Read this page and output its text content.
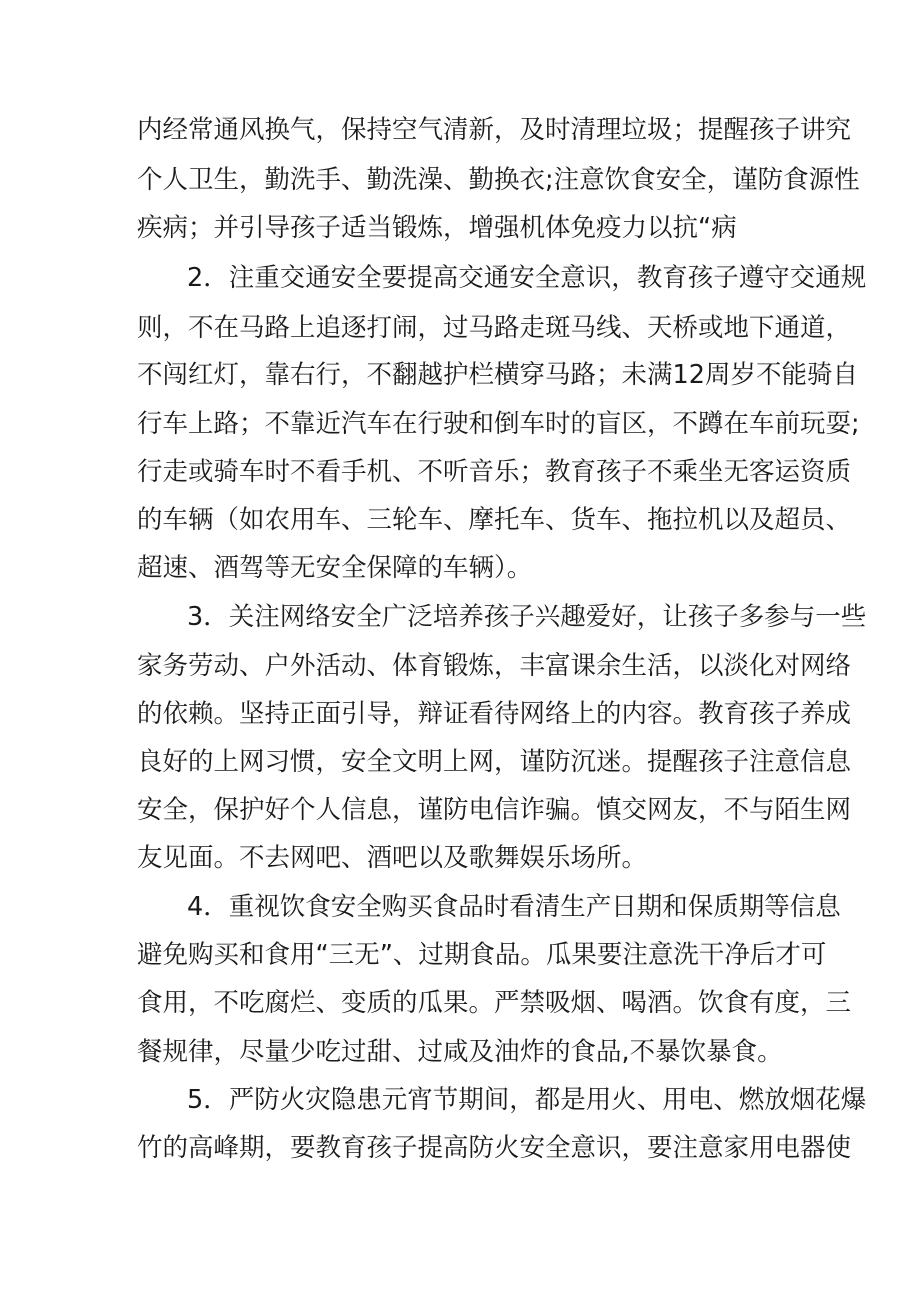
内经常通风换气，保持空气清新，及时清理垃圾；提醒孩子讲究
个人卫生，勤洗手、勤洗澡、勤换衣;注意饮食安全，谨防食源性
疾病；并引导孩子适当锻炼，增强机体免疫力以抗“病
2．注重交通安全要提高交通安全意识，教育孩子遵守交通规
则，不在马路上追逐打闹，过马路走斑马线、天桥或地下通道，
不闯红灯，靠右行，不翻越护栏横穿马路；未满12周岁不能骑自
行车上路；不靠近汽车在行驶和倒车时的盲区，不蹲在车前玩耍;
行走或骑车时不看手机、不听音乐；教育孩子不乘坐无客运资质
的车辆（如农用车、三轮车、摩托车、货车、拖拉机以及超员、
超速、酒驾等无安全保障的车辆）。
3．关注网络安全广泛培养孩子兴趣爱好，让孩子多参与一些
家务劳动、户外活动、体育锻炼，丰富课余生活，以淡化对网络
的依赖。坚持正面引导，辩证看待网络上的内容。教育孩子养成
良好的上网习惯，安全文明上网，谨防沉迷。提醒孩子注意信息
安全，保护好个人信息，谨防电信诈骗。慎交网友，不与陌生网
友见面。不去网吧、酒吧以及歌舞娱乐场所。
4．重视饮食安全购买食品时看清生产日期和保质期等信息
避免购买和食用“三无”、过期食品。瓜果要注意洗干净后才可
食用，不吃腐烂、变质的瓜果。严禁吸烟、喝酒。饮食有度，三
餐规律，尽量少吃过甜、过咸及油炸的食品,不暴饮暴食。
5．严防火灾隐患元宵节期间，都是用火、用电、燃放烟花爆
竹的高峰期，要教育孩子提高防火安全意识，要注意家用电器使
